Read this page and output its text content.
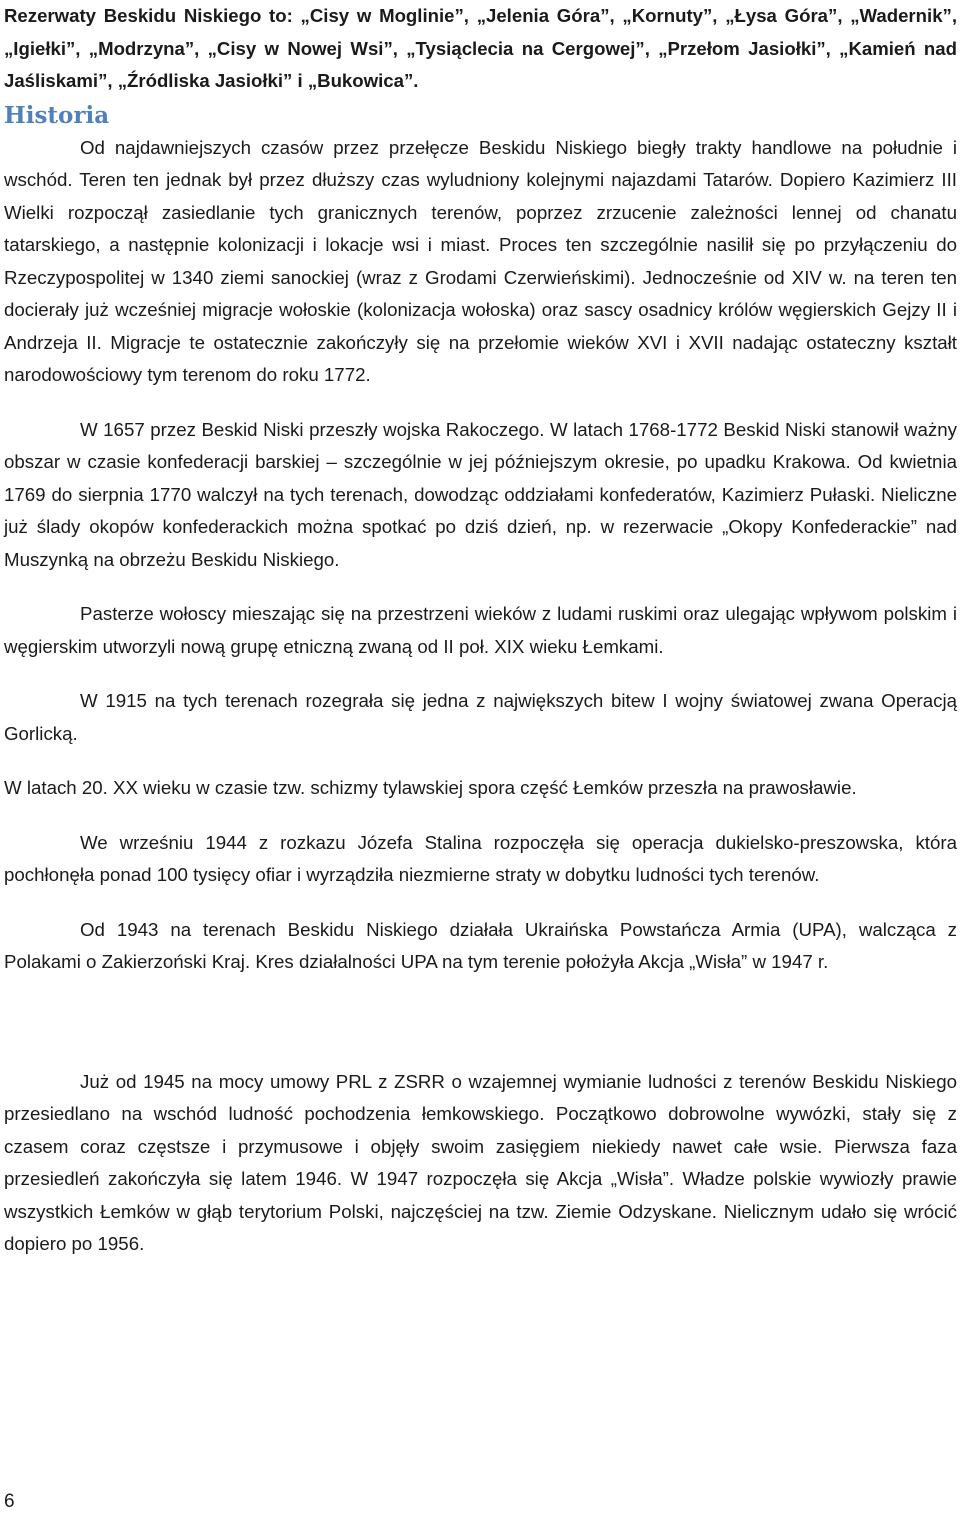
Rezerwaty Beskidu Niskiego to: „Cisy w Moglinie”, „Jelenia Góra”, „Kornuty”, „Łysa Góra”, „Wadernik”, „Igiełki”, „Modrzyna”, „Cisy w Nowej Wsi”, „Tysiąclecia na Cergowej”, „Przełom Jasiołki”, „Kamień nad Jaśliskami”, „Źródliska Jasiołki” i „Bukowica”.

Historia

Od najdawniejszych czasów przez przełęcze Beskidu Niskiego biegły trakty handlowe na południe i wschód. Teren ten jednak był przez dłuższy czas wyludniony kolejnymi najazdami Tatarów. Dopiero Kazimierz III Wielki rozpoczął zasiedlanie tych granicznych terenów, poprzez zrzucenie zależności lennej od chanatu tatarskiego, a następnie kolonizacji i lokacje wsi i miast. Proces ten szczególnie nasilił się po przyłączeniu do Rzeczypospolitej w 1340 ziemi sanockiej (wraz z Grodami Czerwieńskimi). Jednocześnie od XIV w. na teren ten docierały już wcześniej migracje wołoskie (kolonizacja wołoska) oraz sascy osadnicy królów węgierskich Gejzy II i Andrzeja II. Migracje te ostatecznie zakończyły się na przełomie wieków XVI i XVII nadając ostateczny kształt narodowościowy tym terenom do roku 1772.

W 1657 przez Beskid Niski przeszły wojska Rakoczego. W latach 1768-1772 Beskid Niski stanowił ważny obszar w czasie konfederacji barskiej – szczególnie w jej późniejszym okresie, po upadku Krakowa. Od kwietnia 1769 do sierpnia 1770 walczył na tych terenach, dowodząc oddziałami konfederatów, Kazimierz Pułaski. Nieliczne już ślady okopów konfederackich można spotkać po dziś dzień, np. w rezerwacie „Okopy Konfederackie” nad Muszynką na obrzeżu Beskidu Niskiego.

Pasterze wołoscy mieszając się na przestrzeni wieków z ludami ruskimi oraz ulegając wpływom polskim i węgierskim utworzyli nową grupę etniczną zwaną od II poł. XIX wieku Łemkami.

W 1915 na tych terenach rozegrała się jedna z największych bitew I wojny światowej zwana Operacją Gorlicką.

W latach 20. XX wieku w czasie tzw. schizmy tylawskiej spora część Łemków przeszła na prawosławie.

We wrześniu 1944 z rozkazu Józefa Stalina rozpoczęła się operacja dukielsko-preszowska, która pochłonęła ponad 100 tysięcy ofiar i wyrządziła niezmierne straty w dobytku ludności tych terenów.

Od 1943 na terenach Beskidu Niskiego działała Ukraińska Powstańcza Armia (UPA), walcząca z Polakami o Zakierzoński Kraj. Kres działalności UPA na tym terenie położyła Akcja „Wisła” w 1947 r.

Już od 1945 na mocy umowy PRL z ZSRR o wzajemnej wymianie ludności z terenów Beskidu Niskiego przesiedlano na wschód ludność pochodzenia łemkowskiego. Początkowo dobrowolne wywózki, stały się z czasem coraz częstsze i przymusowe i objęły swoim zasięgiem niekiedy nawet całe wsie. Pierwsza faza przesiedleń zakończyła się latem 1946. W 1947 rozpoczęła się Akcja „Wisła”. Władze polskie wywiozły prawie wszystkich Łemków w głąb terytorium Polski, najczęściej na tzw. Ziemie Odzyskane. Nielicznym udało się wrócić dopiero po 1956.

6
